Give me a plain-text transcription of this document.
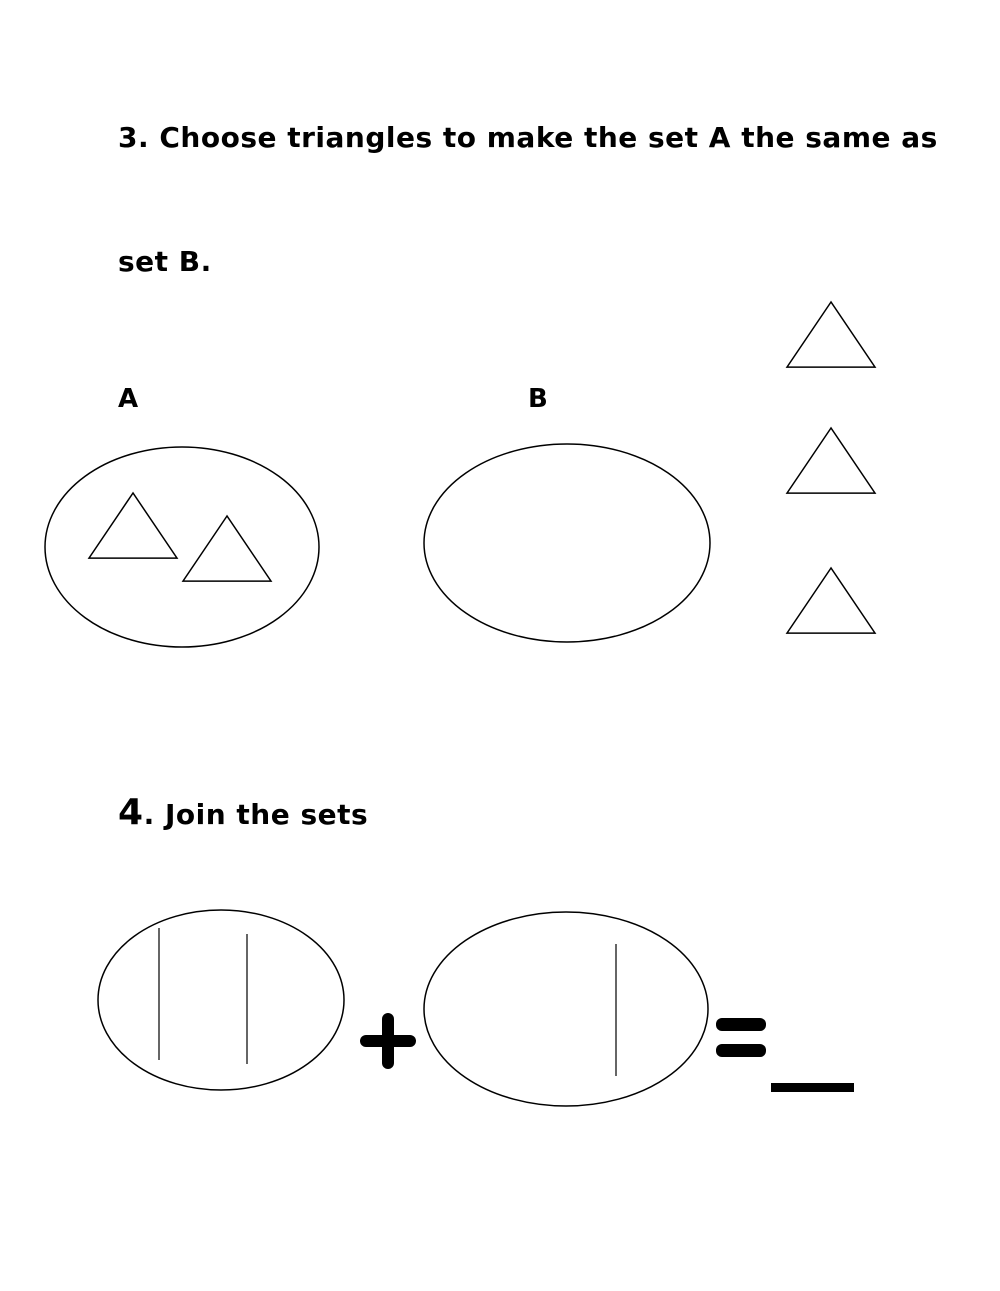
3. Choose triangles to make the set A the same as
set B.
A	B
4. Join the sets
